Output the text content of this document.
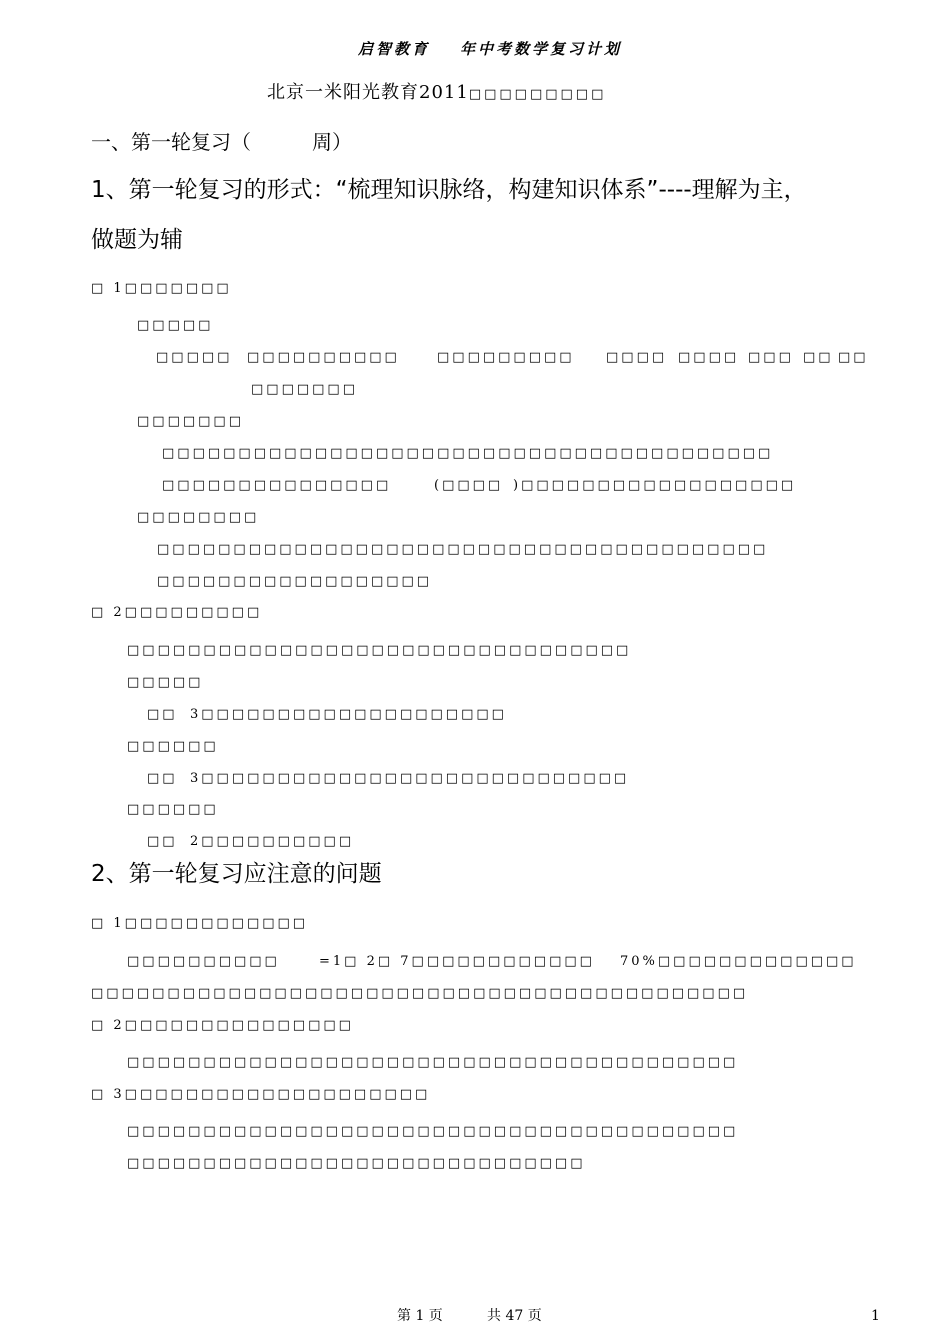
启智教育 年中考数学复习计划
北京一米阳光教育2011□□□□□□□□□
一、第一轮复习（	周）
1、第一轮复习的形式：“梳理知识脉络，构建知识体系”----理解为主，
做题为辅
□ 1□□□□□□□
□□□□□
□□□□□ □□□□□□□□□□	□□□□□□□□□ □□□□ □□□□ □□□ □□ □□
□□□□□□□
□□□□□□□
□□□□□□□□□□□□□□□□□□□□□□□□□□□□□□□□□□□□□□□□
□□□□□□□□□□□□□□□	(□□□□ )□□□□□□□□□□□□□□□□□□
□□□□□□□□
□□□□□□□□□□□□□□□□□□□□□□□□□□□□□□□□□□□□□□□□
□□□□□□□□□□□□□□□□□□
□ 2□□□□□□□□□
□□□□□□□□□□□□□□□□□□□□□□□□□□□□□□□□□
□□□□□
□□ 3□□□□□□□□□□□□□□□□□□□□
□□□□□□
□□ 3□□□□□□□□□□□□□□□□□□□□□□□□□□□□
□□□□□□
□□ 2□□□□□□□□□□
2、第一轮复习应注意的问题
□ 1□□□□□□□□□□□□
□□□□□□□□□□	=1□ 2□ 7□□□□□□□□□□□□ 70%□□□□□□□□□□□□□
□□□□□□□□□□□□□□□□□□□□□□□□□□□□□□□□□□□□□□□□□□□
□ 2□□□□□□□□□□□□□□□
□□□□□□□□□□□□□□□□□□□□□□□□□□□□□□□□□□□□□□□□
□ 3□□□□□□□□□□□□□□□□□□□□
□□□□□□□□□□□□□□□□□□□□□□□□□□□□□□□□□□□□□□□□
□□□□□□□□□□□□□□□□□□□□□□□□□□□□□□
第 1 页	共 47 页	1
